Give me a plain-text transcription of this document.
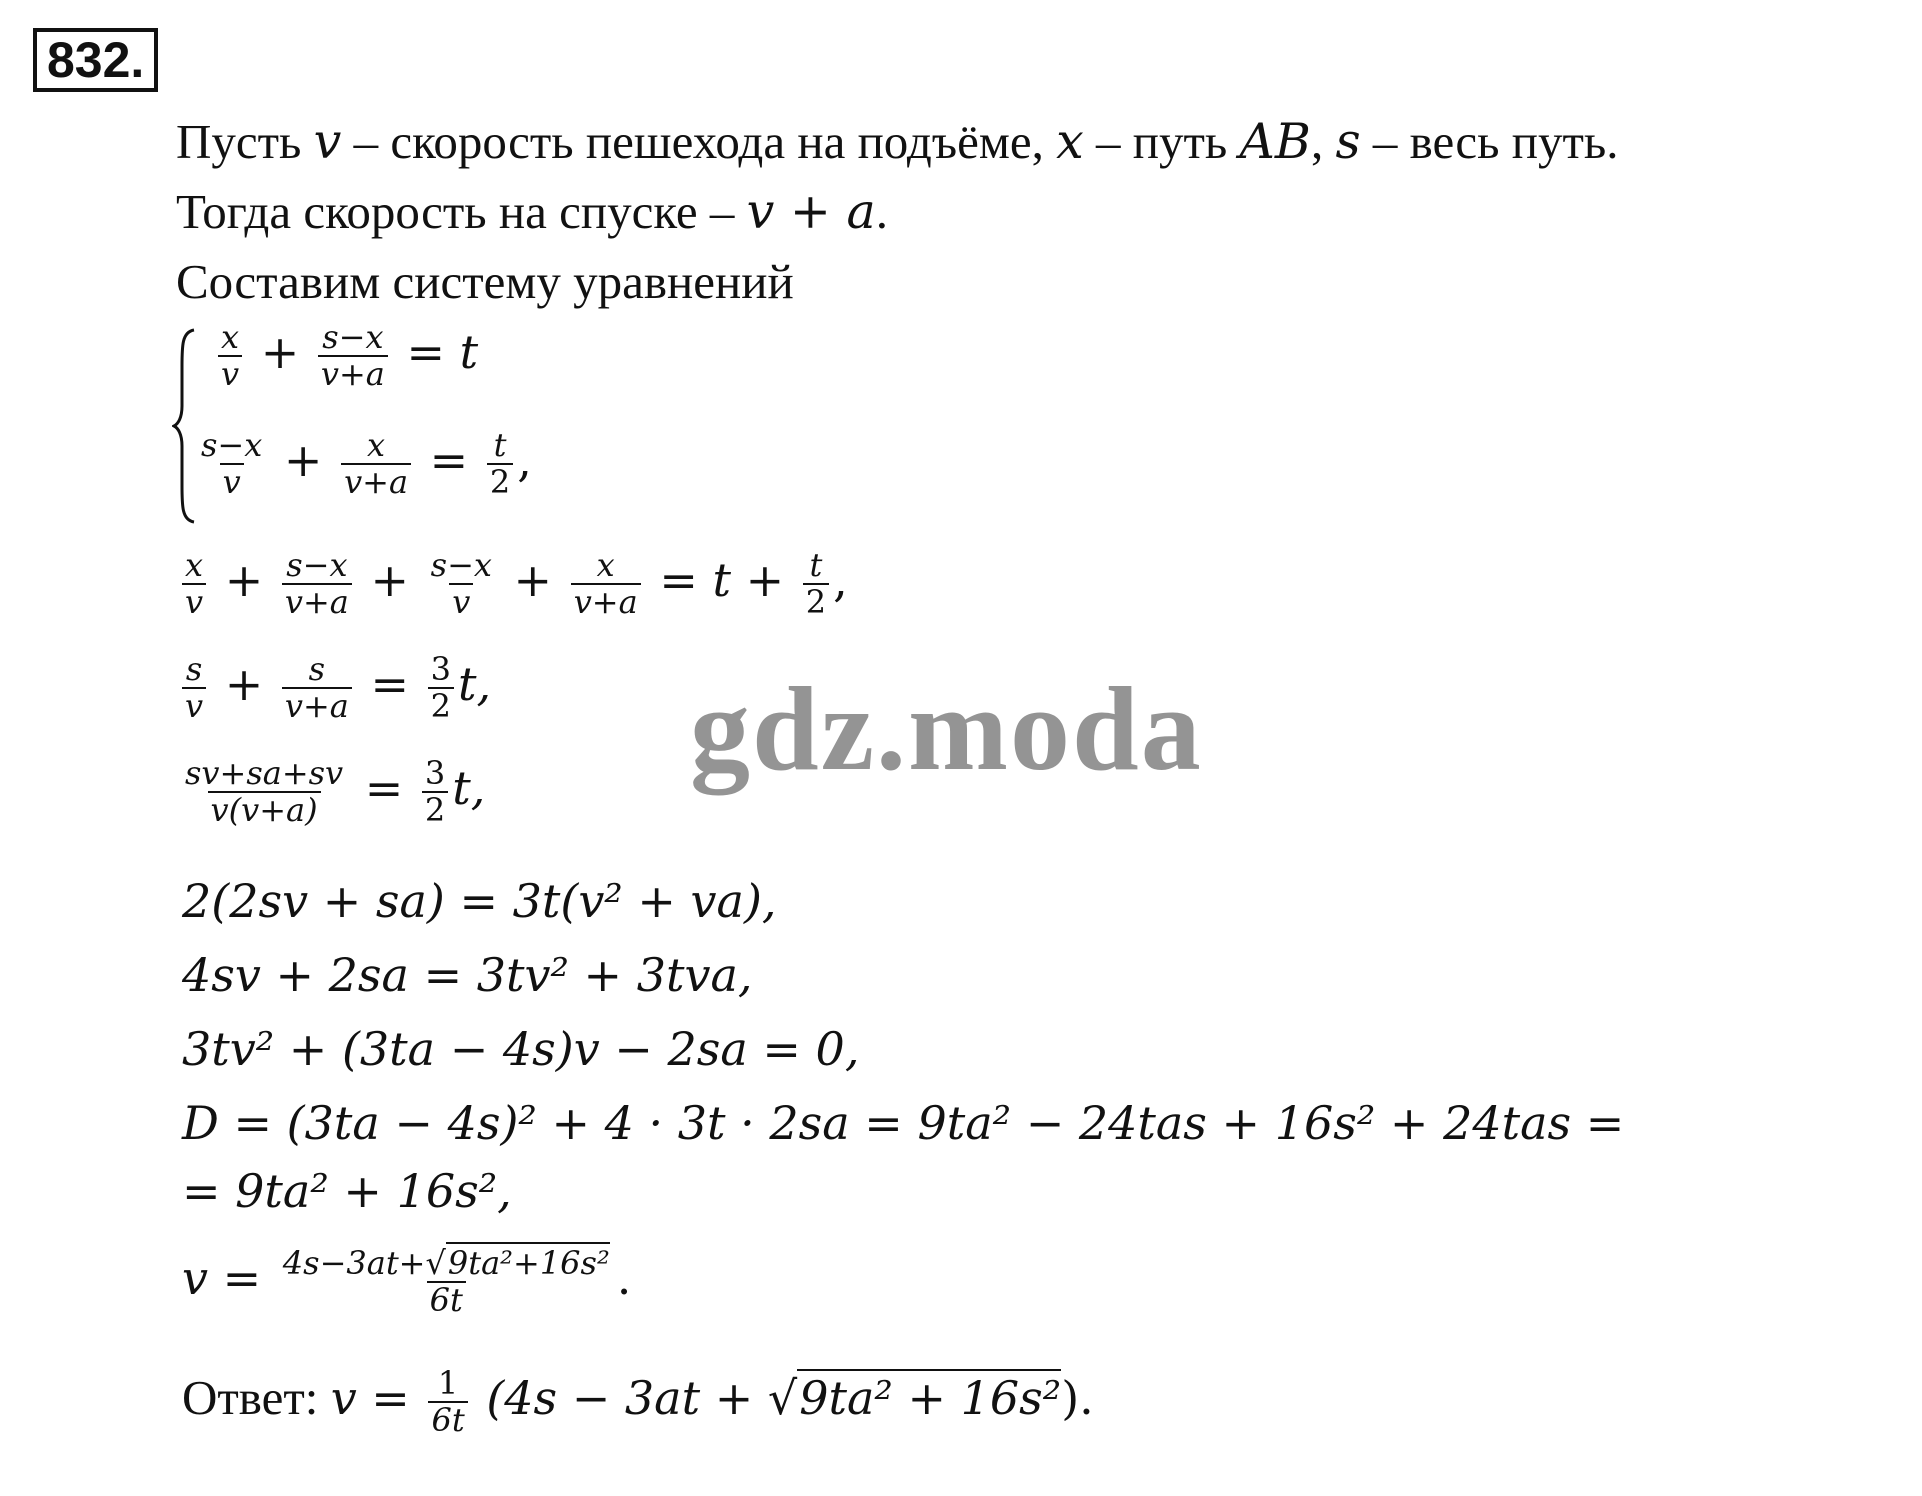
832.
Пусть v – скорость пешехода на подъёме, x – путь AB, s – весь путь.
Тогда скорость на спуске – v + a.
Составим систему уравнений
$\frac{x}{v} + \frac{s-x}{v+a} = t$
$\frac{s-x}{v} + \frac{x}{v+a} = \frac{t}{2}$ ,
$\frac{x}{v} + \frac{s-x}{v+a} + \frac{s-x}{v} + \frac{x}{v+a} = t + \frac{t}{2}$ ,
$\frac{s}{v} + \frac{s}{v+a} = \frac{3}{2} t$,
$\frac{sv+sa+sv}{v(v+a)} = \frac{3}{2} t$,
2(2sv + sa) = 3t(v² + va),
4sv + 2sa = 3tv² + 3tva,
3tv² + (3ta − 4s)v − 2sa = 0,
D = (3ta − 4s)² + 4 · 3t · 2sa = 9ta² − 24tas + 16s² + 24tas =
= 9ta² + 16s²,
$v = \frac{\text{4s−3at+√9ta²+16s²}}{6t}$ .
Ответ: $v = \frac{1}{6t} (4s - 3at + √9ta^2 + 16s^2)$.
gdz.moda
